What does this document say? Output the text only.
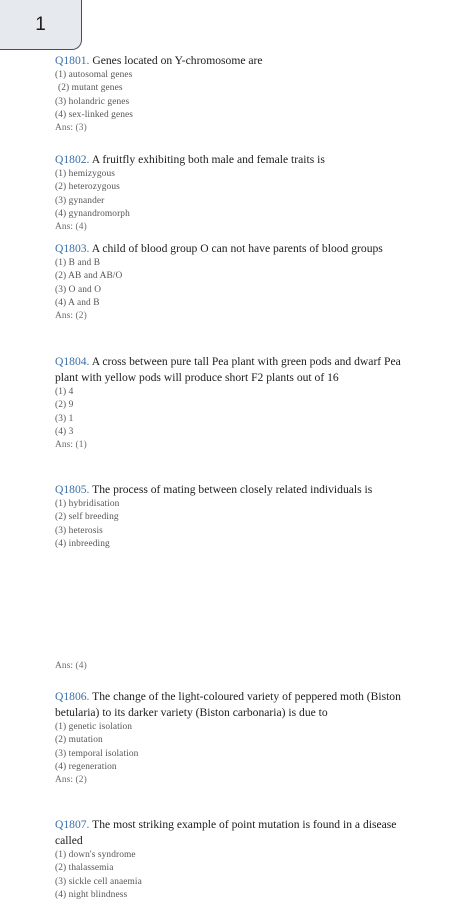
1

Q1801. Genes located on Y-chromosome are

(1) autosomal genes

(2) mutant genes

(3) holandric genes

(4) sex-linked genes

Ans: (3)

Q1802. A fruitfly exhibiting both male and female traits is

(1) hemizygous

(2) heterozygous

(3) gynander

(4) gynandromorph

Ans: (4)

Q1803. A child of blood group O can not have parents of blood groups

(1) B and B

(2) AB and AB/O

(3) O and O

(4) A and B

Ans: (2)

Q1804. A cross between pure tall Pea plant with green pods and dwarf Pea plant with yellow pods will produce short F2 plants out of 16

(1) 4

(2) 9

(3) 1

(4) 3

Ans: (1)

Q1805. The process of mating between closely related individuals is

(1) hybridisation

(2) self breeding

(3) heterosis

(4) inbreeding

Ans: (4)

Q1806. The change of the light-coloured variety of peppered moth (Biston betularia) to its darker variety (Biston carbonaria) is due to

(1) genetic isolation

(2) mutation

(3) temporal isolation

(4) regeneration

Ans: (2)

Q1807. The most striking example of point mutation is found in a disease called

(1) down's syndrome

(2) thalassemia

(3) sickle cell anaemia

(4) night blindness
